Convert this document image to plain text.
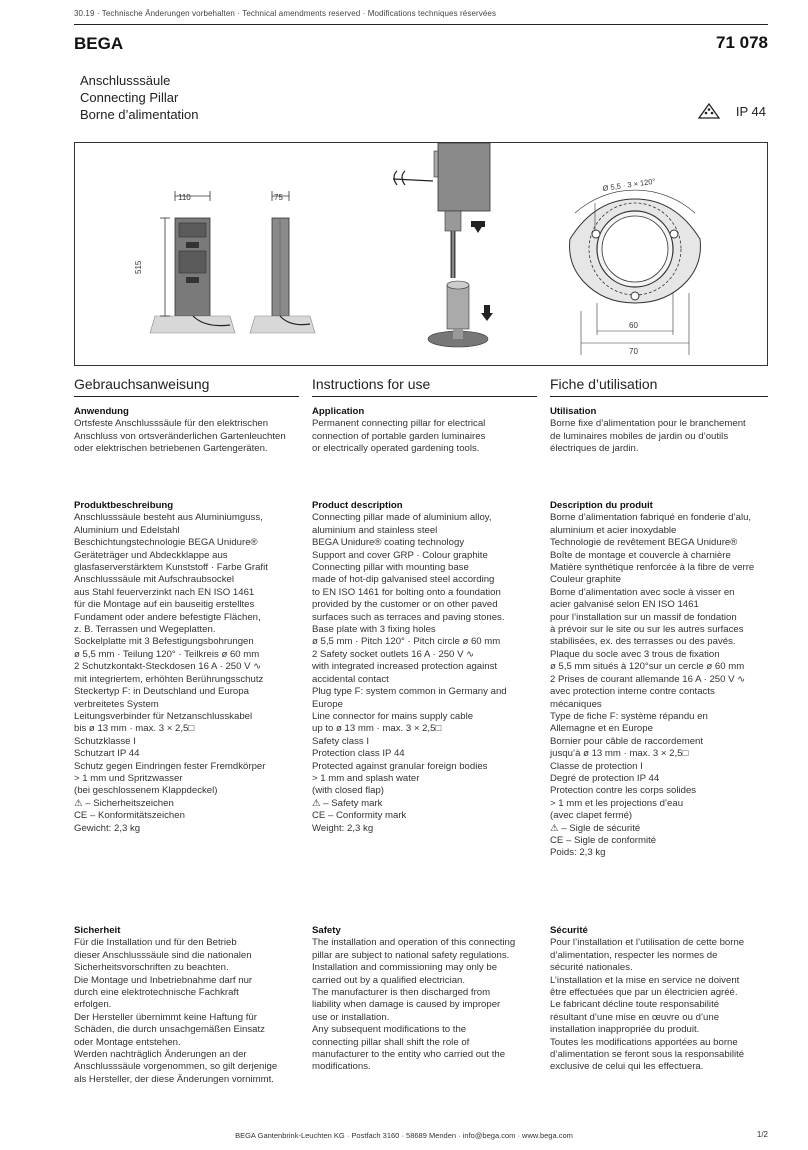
30.19 · Technische Änderungen vorbehalten · Technical amendments reserved · Modifications techniques réservées
BEGA	71 078
Anschlusssäule
Connecting Pillar
Borne d’alimentation	IP 44
110
515
75
Ø 5,5 · 3 × 120°
60
70
Gebrauchsanweisung	Instructions for use	Fiche d’utilisation

Anwendung

Ortsfeste Anschlusssäule für den elektrischen
Anschluss von ortsveränderlichen Gartenleuchten
oder elektrischen betriebenen Gartengeräten.

Produktbeschreibung

Anschlusssäule besteht aus Aluminiumguss,
Aluminium und Edelstahl
Beschichtungstechnologie BEGA Unidure®
Geräteträger und Abdeckklappe aus
glasfaserverstärktem Kunststoff · Farbe Grafit
Anschlusssäule mit Aufschraubsockel
aus Stahl feuerverzinkt nach EN ISO 1461
für die Montage auf ein bauseitig erstelltes
Fundament oder andere befestigte Flächen,
z. B. Terrassen und Wegeplatten.
Sockelplatte mit 3 Befestigungsbohrungen
ø 5,5 mm · Teilung 120° · Teilkreis ø 60 mm
2 Schutzkontakt-Steckdosen 16 A · 250 V ∿
mit integriertem, erhöhten Berührungsschutz
Steckertyp F: in Deutschland und Europa
verbreitetes System
Leitungsverbinder für Netzanschlusskabel
bis ø 13 mm · max. 3 × 2,5□
Schutzklasse I
Schutzart IP 44
Schutz gegen Eindringen fester Fremdkörper
> 1 mm und Spritzwasser
(bei geschlossenem Klappdeckel)
⚠ – Sicherheitszeichen
CE – Konformitätszeichen
Gewicht: 2,3 kg

Sicherheit

Für die Installation und für den Betrieb
dieser Anschlusssäule sind die nationalen
Sicherheitsvorschriften zu beachten.
Die Montage und Inbetriebnahme darf nur
durch eine elektrotechnische Fachkraft
erfolgen.
Der Hersteller übernimmt keine Haftung für
Schäden, die durch unsachgemäßen Einsatz
oder Montage entstehen.
Werden nachträglich Änderungen an der
Anschlusssäule vorgenommen, so gilt derjenige
als Hersteller, der diese Änderungen vornimmt.

Application

Permanent connecting pillar for electrical
connection of portable garden luminaires
or electrically operated gardening tools.

Product description

Connecting pillar made of aluminium alloy,
aluminium and stainless steel
BEGA Unidure® coating technology
Support and cover GRP · Colour graphite
Connecting pillar with mounting base
made of hot-dip galvanised steel according
to EN ISO 1461 for bolting onto a foundation
provided by the customer or on other paved
surfaces such as terraces and paving stones.
Base plate with 3 fixing holes
ø 5,5 mm · Pitch 120° · Pitch circle ø 60 mm
2 Safety socket outlets 16 A · 250 V ∿
with integrated increased protection against
accidental contact
Plug type F: system common in Germany and
Europe
Line connector for mains supply cable
up to ø 13 mm · max. 3 × 2,5□
Safety class I
Protection class IP 44
Protected against granular foreign bodies
> 1 mm and splash water
(with closed flap)
⚠ – Safety mark
CE – Conformity mark
Weight: 2,3 kg

Safety

The installation and operation of this connecting
pillar are subject to national safety regulations.
Installation and commissioning may only be
carried out by a qualified electrician.
The manufacturer is then discharged from
liability when damage is caused by improper
use or installation.
Any subsequent modifications to the
connecting pillar shall shift the role of
manufacturer to the entity who carried out the
modifications.

Utilisation

Borne fixe d’alimentation pour le branchement
de luminaires mobiles de jardin ou d’outils
électriques de jardin.

Description du produit

Borne d’alimentation fabriqué en fonderie d’alu,
aluminium et acier inoxydable
Technologie de revêtement BEGA Unidure®
Boîte de montage et couvercle à charnière
Matière synthétique renforcée à la fibre de verre
Couleur graphite
Borne d’alimentation avec socle à visser en
acier galvanisé selon EN ISO 1461
pour l’installation sur un massif de fondation
à prévoir sur le site ou sur les autres surfaces
stabilisées, ex. des terrasses ou des pavés.
Plaque du socle avec 3 trous de fixation
ø 5,5 mm situés à 120°sur un cercle ø 60 mm
2 Prises de courant allemande 16 A · 250 V ∿
avec protection interne contre contacts
mécaniques
Type de fiche F: système répandu en
Allemagne et en Europe
Bornier pour câble de raccordement
jusqu’à ø 13 mm · max. 3 × 2,5□
Classe de protection I
Degré de protection IP 44
Protection contre les corps solides
> 1 mm et les projections d’eau
(avec clapet fermé)
⚠ – Sigle de sécurité
CE – Sigle de conformité
Poids: 2,3 kg

Sécurité

Pour l’installation et l’utilisation de cette borne
d’alimentation, respecter les normes de
sécurité nationales.
L’installation et la mise en service ne doivent
être effectuées que par un électricien agréé.
Le fabricant décline toute responsabilité
résultant d’une mise en œuvre ou d’une
installation inappropriée du produit.
Toutes les modifications apportées au borne
d’alimentation se feront sous la responsabilité
exclusive de celui qui les effectuera.

BEGA Gantenbrink-Leuchten KG · Postfach 3160 · 58689 Menden · info@bega.com · www.bega.com	1/2
